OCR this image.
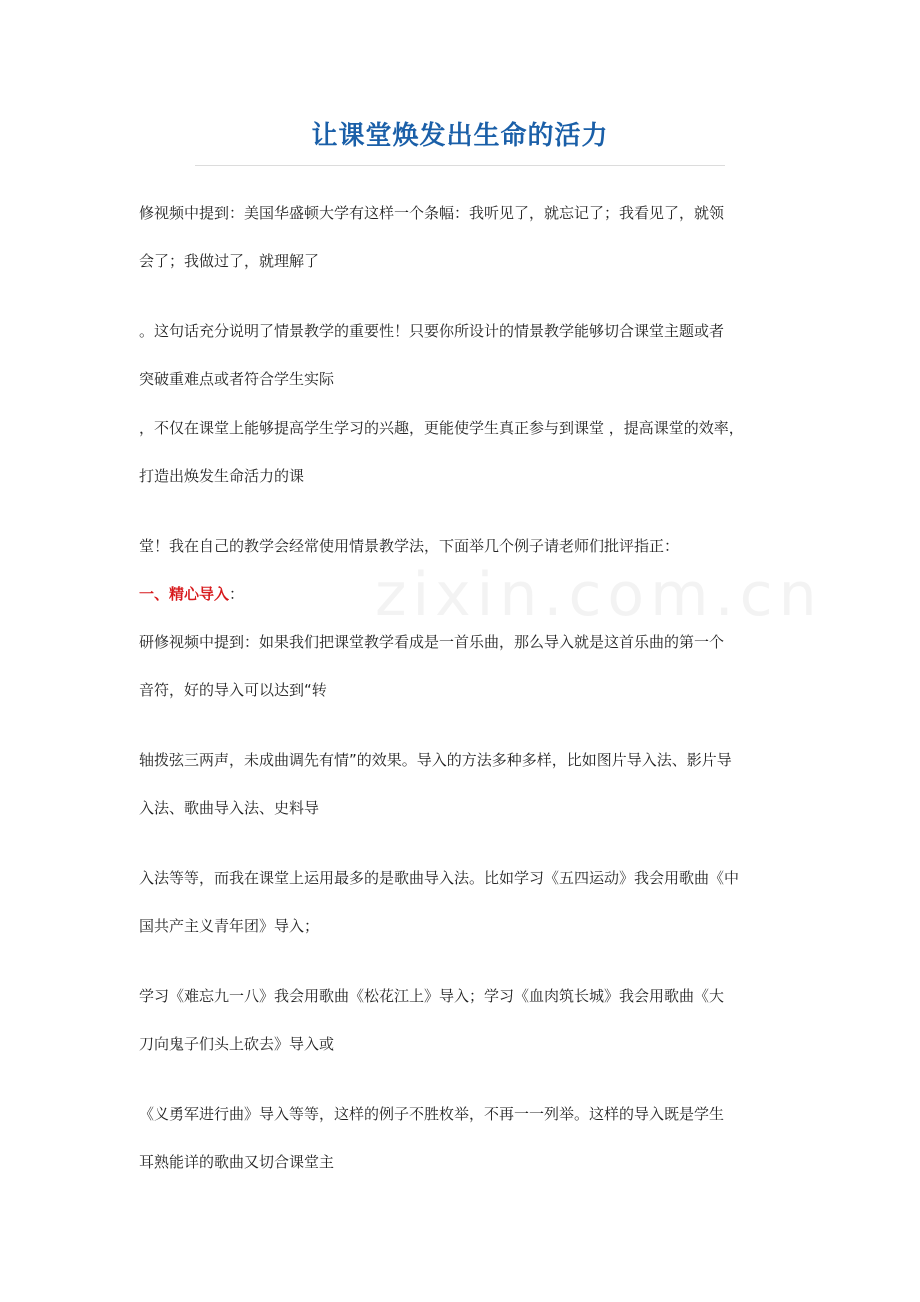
zixin.com.cn
让课堂焕发出生命的活力
修视频中提到：美国华盛顿大学有这样一个条幅：我听见了，就忘记了；我看见了，就领
会了；我做过了，就理解了
。这句话充分说明了情景教学的重要性！只要你所设计的情景教学能够切合课堂主题或者
突破重难点或者符合学生实际
，不仅在课堂上能够提高学生学习的兴趣，更能使学生真正参与到课堂 ，提高课堂的效率，
打造出焕发生命活力的课
堂！我在自己的教学会经常使用情景教学法，下面举几个例子请老师们批评指正：
一、精心导入：
研修视频中提到：如果我们把课堂教学看成是一首乐曲，那么导入就是这首乐曲的第一个
音符，好的导入可以达到“转
轴拨弦三两声，未成曲调先有情”的效果。导入的方法多种多样，比如图片导入法、影片导
入法、歌曲导入法、史料导
入法等等，而我在课堂上运用最多的是歌曲导入法。比如学习《五四运动》我会用歌曲《中
国共产主义青年团》导入；
学习《难忘九一八》我会用歌曲《松花江上》导入；学习《血肉筑长城》我会用歌曲《大
刀向鬼子们头上砍去》导入或
《义勇军进行曲》导入等等，这样的例子不胜枚举，不再一一列举。这样的导入既是学生
耳熟能详的歌曲又切合课堂主
